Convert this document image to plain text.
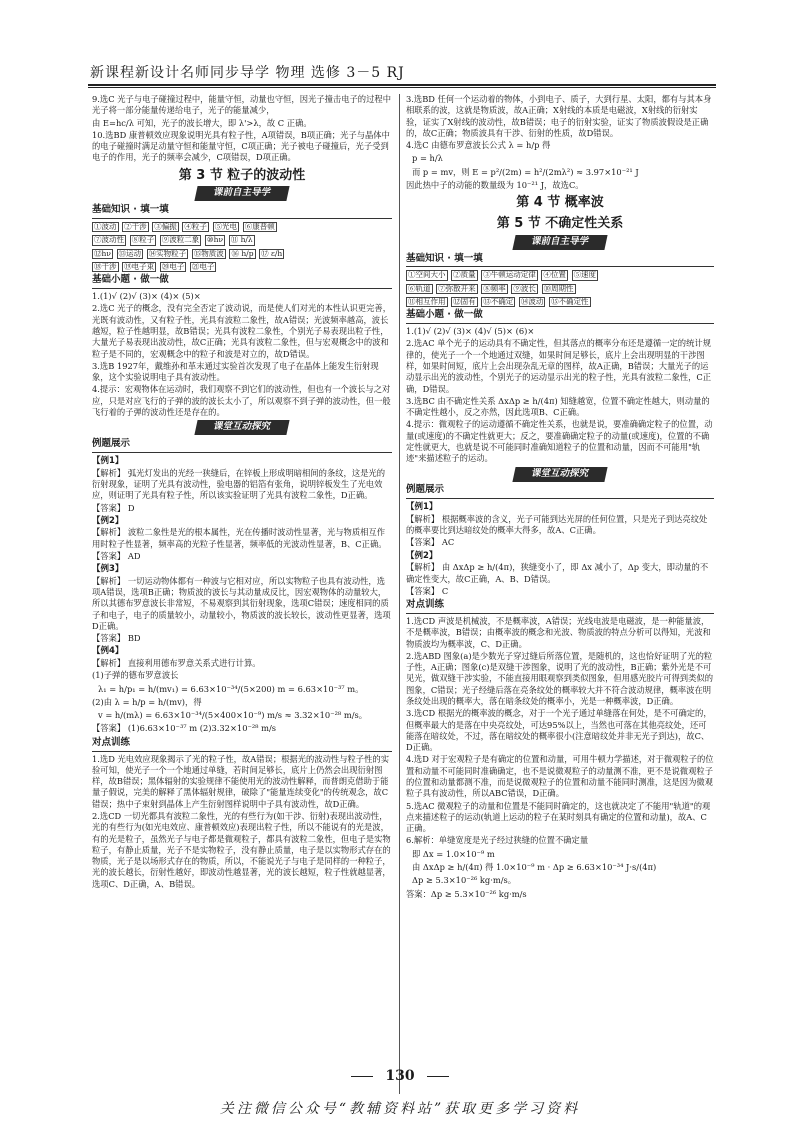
新课程新设计名师同步导学 物理 选修 3－5 RJ

9.选C 光子与电子碰撞过程中，能量守恒，动量也守恒，因光子撞击电子的过程中光子将一部分能量传递给电子，光子的能量减少，

由 E=hc/λ 可知，光子的波长增大，即 λ'>λ，故 C 正确。

10.选BD 康普顿效应现象说明光具有粒子性，A项错误，B项正确；光子与晶体中的电子碰撞时满足动量守恒和能量守恒，C项正确；光子被电子碰撞后，光子受到电子的作用，光子的频率会减少，C项错误，D项正确。

第 3 节 粒子的波动性
课前自主导学
基础知识 · 填一填
①波动 ②干涉 ③偏振 ④粒子 ⑤光电 ⑥康普顿
⑦波动性 ⑧粒子 ⑨波粒二象 ⑩hν ⑪ h/λ
⑫hν ⑬运动 ⑭实物粒子 ⑮物质波 ⑯ h/p ⑰ ε/h
⑱干涉 ⑲电子束 ⑳电子 ㉑电子
基础小题 · 做一做

1.(1)√ (2)√ (3)× (4)× (5)×

2.选C 光子的概念，没有完全否定了波动说，而是使人们对光的本性认识更完善，光既有波动性，又有粒子性，光具有波粒二象性，故A错误；光波频率越高，波长越短，粒子性越明显，故B错误；光具有波粒二象性，个别光子易表现出粒子性，大量光子易表现出波动性，故C正确；光具有波粒二象性，但与宏观概念中的波和粒子是不同的，宏观概念中的粒子和波是对立的，故D错误。

3.选B 1927年，戴维孙和革末通过实验首次发现了电子在晶体上能发生衍射现象，这个实验说明电子具有波动性。

4.提示：宏观物体在运动时，我们观察不到它们的波动性，但也有一个波长与之对应，只是对应飞行的子弹的波的波长太小了，所以观察不到子弹的波动性，但一般飞行着的子弹的波动性还是存在的。

课堂互动探究
例题展示
【例1】

【解析】 弧光灯发出的光经一狭缝后，在锌板上形成明暗相间的条纹，这是光的衍射现象，证明了光具有波动性，验电器的铝箔有张角，说明锌板发生了光电效应，则证明了光具有粒子性，所以该实验证明了光具有波粒二象性，D正确。

【答案】 D

【例2】

【解析】 波粒二象性是光的根本属性，光在传播时波动性显著，光与物质相互作用时粒子性显著，频率高的光粒子性显著，频率低的光波动性显著，B、C正确。

【答案】 AD

【例3】

【解析】 一切运动物体都有一种波与它相对应，所以实物粒子也具有波动性，选项A错误，选项B正确；物质波的波长与其动量成反比，因宏观物体的动量较大，所以其德布罗意波长非常短，不易观察到其衍射现象，选项C错误；速度相同的质子和电子，电子的质量较小，动量较小，物质波的波长较长，波动性更显著，选项D正确。

【答案】 BD

【例4】

【解析】 直接利用德布罗意关系式进行计算。

(1)子弹的德布罗意波长

λ₁ = h/p₁ = h/(mv₁) = 6.63×10⁻³⁴/(5×200) m = 6.63×10⁻³⁷ m。

(2)由 λ = h/p = h/(mv)，得

v = h/(mλ) = 6.63×10⁻³⁴/(5×400×10⁻⁹) m/s ≈ 3.32×10⁻²⁸ m/s。

【答案】 (1)6.63×10⁻³⁷ m (2)3.32×10⁻²⁸ m/s

对点训练

1.选D 光电效应现象揭示了光的粒子性，故A错误；根据光的波动性与粒子性的实验可知，使光子一个一个地通过单缝，若时间足够长，底片上仍然会出现衍射图样，故B错误；黑体辐射的实验规律不能使用光的波动性解释，而普朗克借助于能量子假说，完美的解释了黑体辐射规律，破除了"能量连续变化"的传统观念，故C错误；热中子束射到晶体上产生衍射图样说明中子具有波动性，故D正确。

2.选CD 一切光都具有波粒二象性，光的有些行为(如干涉、衍射)表现出波动性，光的有些行为(如光电效应、康普顿效应)表现出粒子性，所以不能说有的光是波，有的光是粒子，虽然光子与电子都是微观粒子，都具有波粒二象性，但电子是实物粒子，有静止质量，光子不是实物粒子，没有静止质量，电子是以实物形式存在的物质，光子是以场形式存在的物质，所以，不能说光子与电子是同样的一种粒子，光的波长越长，衍射性越好，即波动性越显著，光的波长越短，粒子性就越显著，选项C、D正确，A、B错误。

3.选BD 任何一个运动着的物体，小到电子、质子，大到行星、太阳，都有与其本身相联系的波，这就是物质波，故A正确；X射线的本质是电磁波，X射线的衍射实验，证实了X射线的波动性，故B错误；电子的衍射实验，证实了物质波假设是正确的，故C正确；物质波具有干涉、衍射的性质，故D错误。

4.选C 由德布罗意波长公式 λ = h/p 得

p = h/λ

而 p = mv，则 E = p²/(2m) = h²/(2mλ²) ≈ 3.97×10⁻²¹ J

因此热中子的动能的数量级为 10⁻²¹ J，故选C。

第 4 节 概率波
第 5 节 不确定性关系
课前自主导学
基础知识 · 填一填
①空间大小 ②质量 ③牛顿运动定律 ④位置 ⑤速度
⑥轨道 ⑦弥散开来 ⑧频率 ⑨波长 ⑩周期性
⑪相互作用 ⑫固有 ⑬不确定 ⑭波动 ⑮不确定性
基础小题 · 做一做

1.(1)√ (2)√ (3)× (4)√ (5)× (6)×

2.选AC 单个光子的运动具有不确定性，但其落点的概率分布还是遵循一定的统计规律的，使光子一个一个地通过双缝，如果时间足够长，底片上会出现明显的干涉图样，如果时间短，底片上会出现杂乱无章的图样，故A正确，B错误；大量光子的运动显示出光的波动性，个别光子的运动显示出光的粒子性，光具有波粒二象性，C正确，D错误。

3.选BC 由不确定性关系 ΔxΔp ≥ h/(4π) 知缝越宽，位置不确定性越大，则动量的不确定性越小，反之亦然，因此选项B、C正确。

4.提示：微观粒子的运动遵循不确定性关系，也就是说，要准确确定粒子的位置，动量(或速度)的不确定性就更大；反之，要准确确定粒子的动量(或速度)，位置的不确定性就更大，也就是说不可能同时准确知道粒子的位置和动量，因而不可能用"轨迹"来描述粒子的运动。

课堂互动探究
例题展示
【例1】

【解析】 根据概率波的含义，光子可能到达光屏的任何位置，只是光子到达亮纹处的概率要比到达暗纹处的概率大得多，故A、C正确。

【答案】 AC

【例2】

【解析】 由 ΔxΔp ≥ h/(4π)，狭缝变小了，即 Δx 减小了，Δp 变大，即动量的不确定性变大，故C正确，A、B、D错误。

【答案】 C

对点训练

1.选CD 声波是机械波，不是概率波，A错误；光线电波是电磁波，是一种能量波，不是概率波，B错误；由概率波的概念和光波、物质波的特点分析可以得知，光波和物质波均为概率波，C、D正确。

2.选ABD 图象(a)是少数光子穿过缝后所落位置，是随机的，这也恰好证明了光的粒子性，A正确；图象(c)是双缝干涉图象，说明了光的波动性，B正确；紫外光是不可见光，做双缝干涉实验，不能直接用眼观察到类似图象，但用感光胶片可得到类似的图象，C错误；光子经缝后落在亮条纹处的概率较大并不符合波动规律，概率波在明条纹处出现的概率大，落在暗条纹处的概率小，光是一种概率波，D正确。

3.选CD 根据光的概率波的概念，对于一个光子通过单缝落在何处，是不可确定的，但概率最大的是落在中央亮纹处，可达95%以上，当然也可落在其他亮纹处，还可能落在暗纹处，不过，落在暗纹处的概率很小(注意暗纹处并非无光子到达)，故C、D正确。

4.选D 对于宏观粒子是有确定的位置和动量，可用牛顿力学描述，对于微观粒子的位置和动量不可能同时准确确定，也不是说微观粒子的动量测不准，更不是说微观粒子的位置和动量都测不准，而是说微观粒子的位置和动量不能同时测准，这是因为微观粒子具有波动性，所以ABC错误，D正确。

5.选AC 微观粒子的动量和位置是不能同时确定的，这也就决定了不能用"轨道"的观点来描述粒子的运动(轨道上运动的粒子在某时刻具有确定的位置和动量)，故A、C正确。

6.解析：单缝宽度是光子经过狭缝的位置不确定量

即 Δx = 1.0×10⁻⁹ m

由 ΔxΔp ≥ h/(4π) 得 1.0×10⁻⁹ m · Δp ≥ 6.63×10⁻³⁴ J·s/(4π)

Δp ≥ 5.3×10⁻²⁶ kg·m/s。

答案：Δp ≥ 5.3×10⁻²⁶ kg·m/s

130
关注微信公众号“教辅资料站”获取更多学习资料
